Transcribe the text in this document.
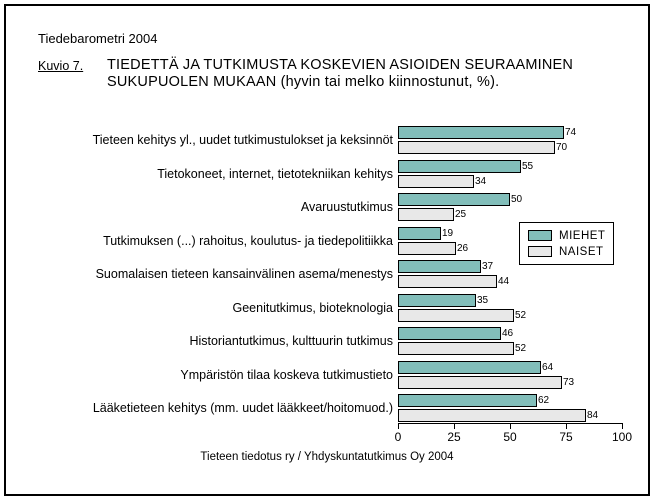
Tiedebarometri 2004
Kuvio 7. TIEDETTÄ JA TUTKIMUSTA KOSKEVIEN ASIOIDEN SEURAAMINEN
SUKUPUOLEN MUKAAN (hyvin tai melko kiinnostunut, %).
Tieteen kehitys yl., uudet tutkimustulokset ja keksinnöt
74
70
Tietokoneet, internet, tietotekniikan kehitys
55
34
Avaruustutkimus
50
25
Tutkimuksen (...) rahoitus, koulutus- ja tiedepolitiikka
19
26
Suomalaisen tieteen kansainvälinen asema/menestys
37
44
Geenitutkimus, bioteknologia
35
52
Historiantutkimus, kulttuurin tutkimus
46
52
Ympäristön tilaa koskeva tutkimustieto
64
73
Lääketieteen kehitys (mm. uudet lääkkeet/hoitomuod.)
62
84
0	25	50	75	100
MIEHET
NAISET
Tieteen tiedotus ry / Yhdyskuntatutkimus Oy 2004
